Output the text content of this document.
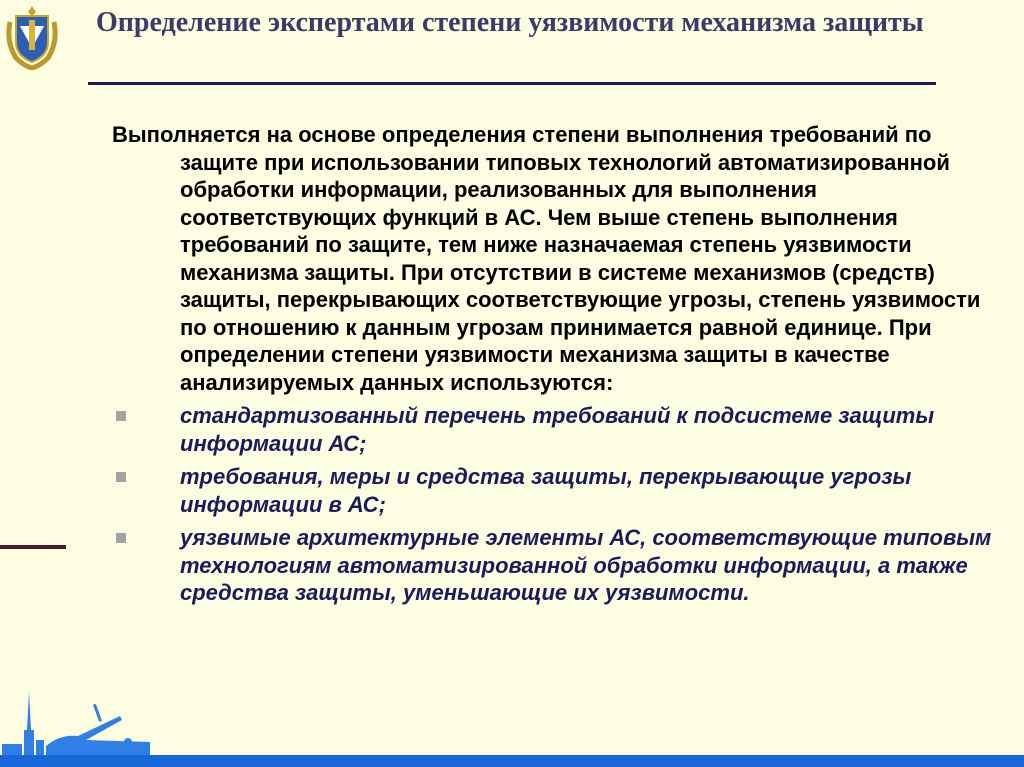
Определение экспертами степени уязвимости механизма защиты

Выполняется на основе определения степени выполнения требований по защите при использовании типовых технологий автоматизированной обработки информации, реализованных для выполнения соответствующих функций в АС. Чем выше степень выполнения требований по защите, тем ниже назначаемая степень уязвимости механизма защиты. При отсутствии в системе механизмов (средств) защиты, перекрывающих соответствующие угрозы, степень уязвимости по отношению к данным угрозам принимается равной единице. При определении степени уязвимости механизма защиты в качестве анализируемых данных используются:

стандартизованный перечень требований к подсистеме защиты информации АС;
требования, меры и средства защиты, перекрывающие угрозы информации в АС;
уязвимые архитектурные элементы АС, соответствующие типовым технологиям автоматизированной обработки информации, а также средства защиты, уменьшающие их уязвимости.
